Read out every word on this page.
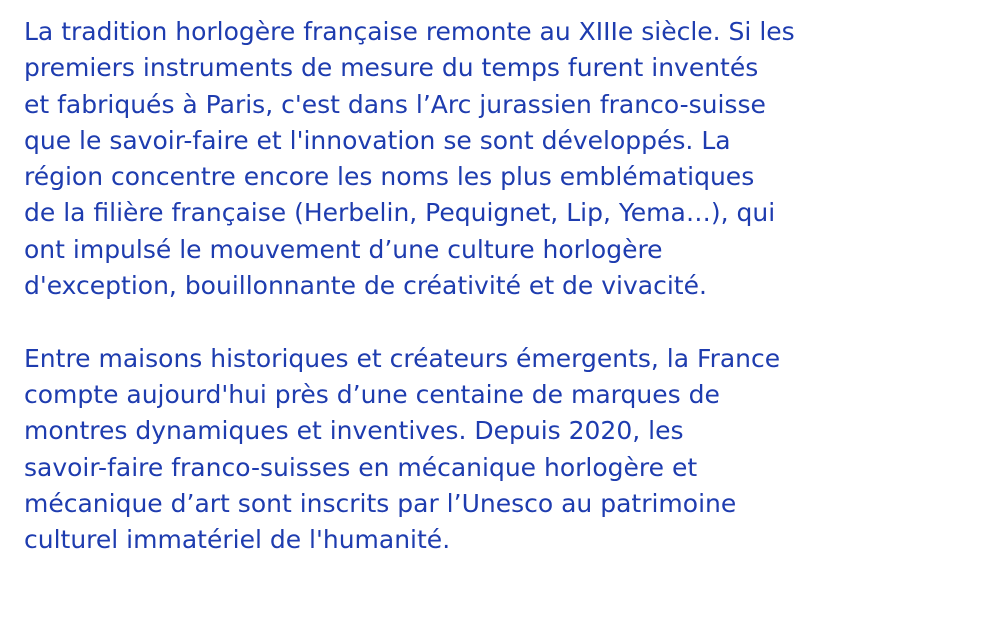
La tradition horlogère française remonte au XIIIe siècle. Si les
premiers instruments de mesure du temps furent inventés
et fabriqués à Paris, c'est dans l’Arc jurassien franco-suisse
que le savoir-faire et l'innovation se sont développés. La
région concentre encore les noms les plus emblématiques
de la filière française (Herbelin, Pequignet, Lip, Yema…), qui
ont impulsé le mouvement d’une culture horlogère
d'exception, bouillonnante de créativité et de vivacité.

Entre maisons historiques et créateurs émergents, la France
compte aujourd'hui près d’une centaine de marques de
montres dynamiques et inventives. Depuis 2020, les
savoir-faire franco-suisses en mécanique horlogère et
mécanique d’art sont inscrits par l’Unesco au patrimoine
culturel immatériel de l'humanité.
